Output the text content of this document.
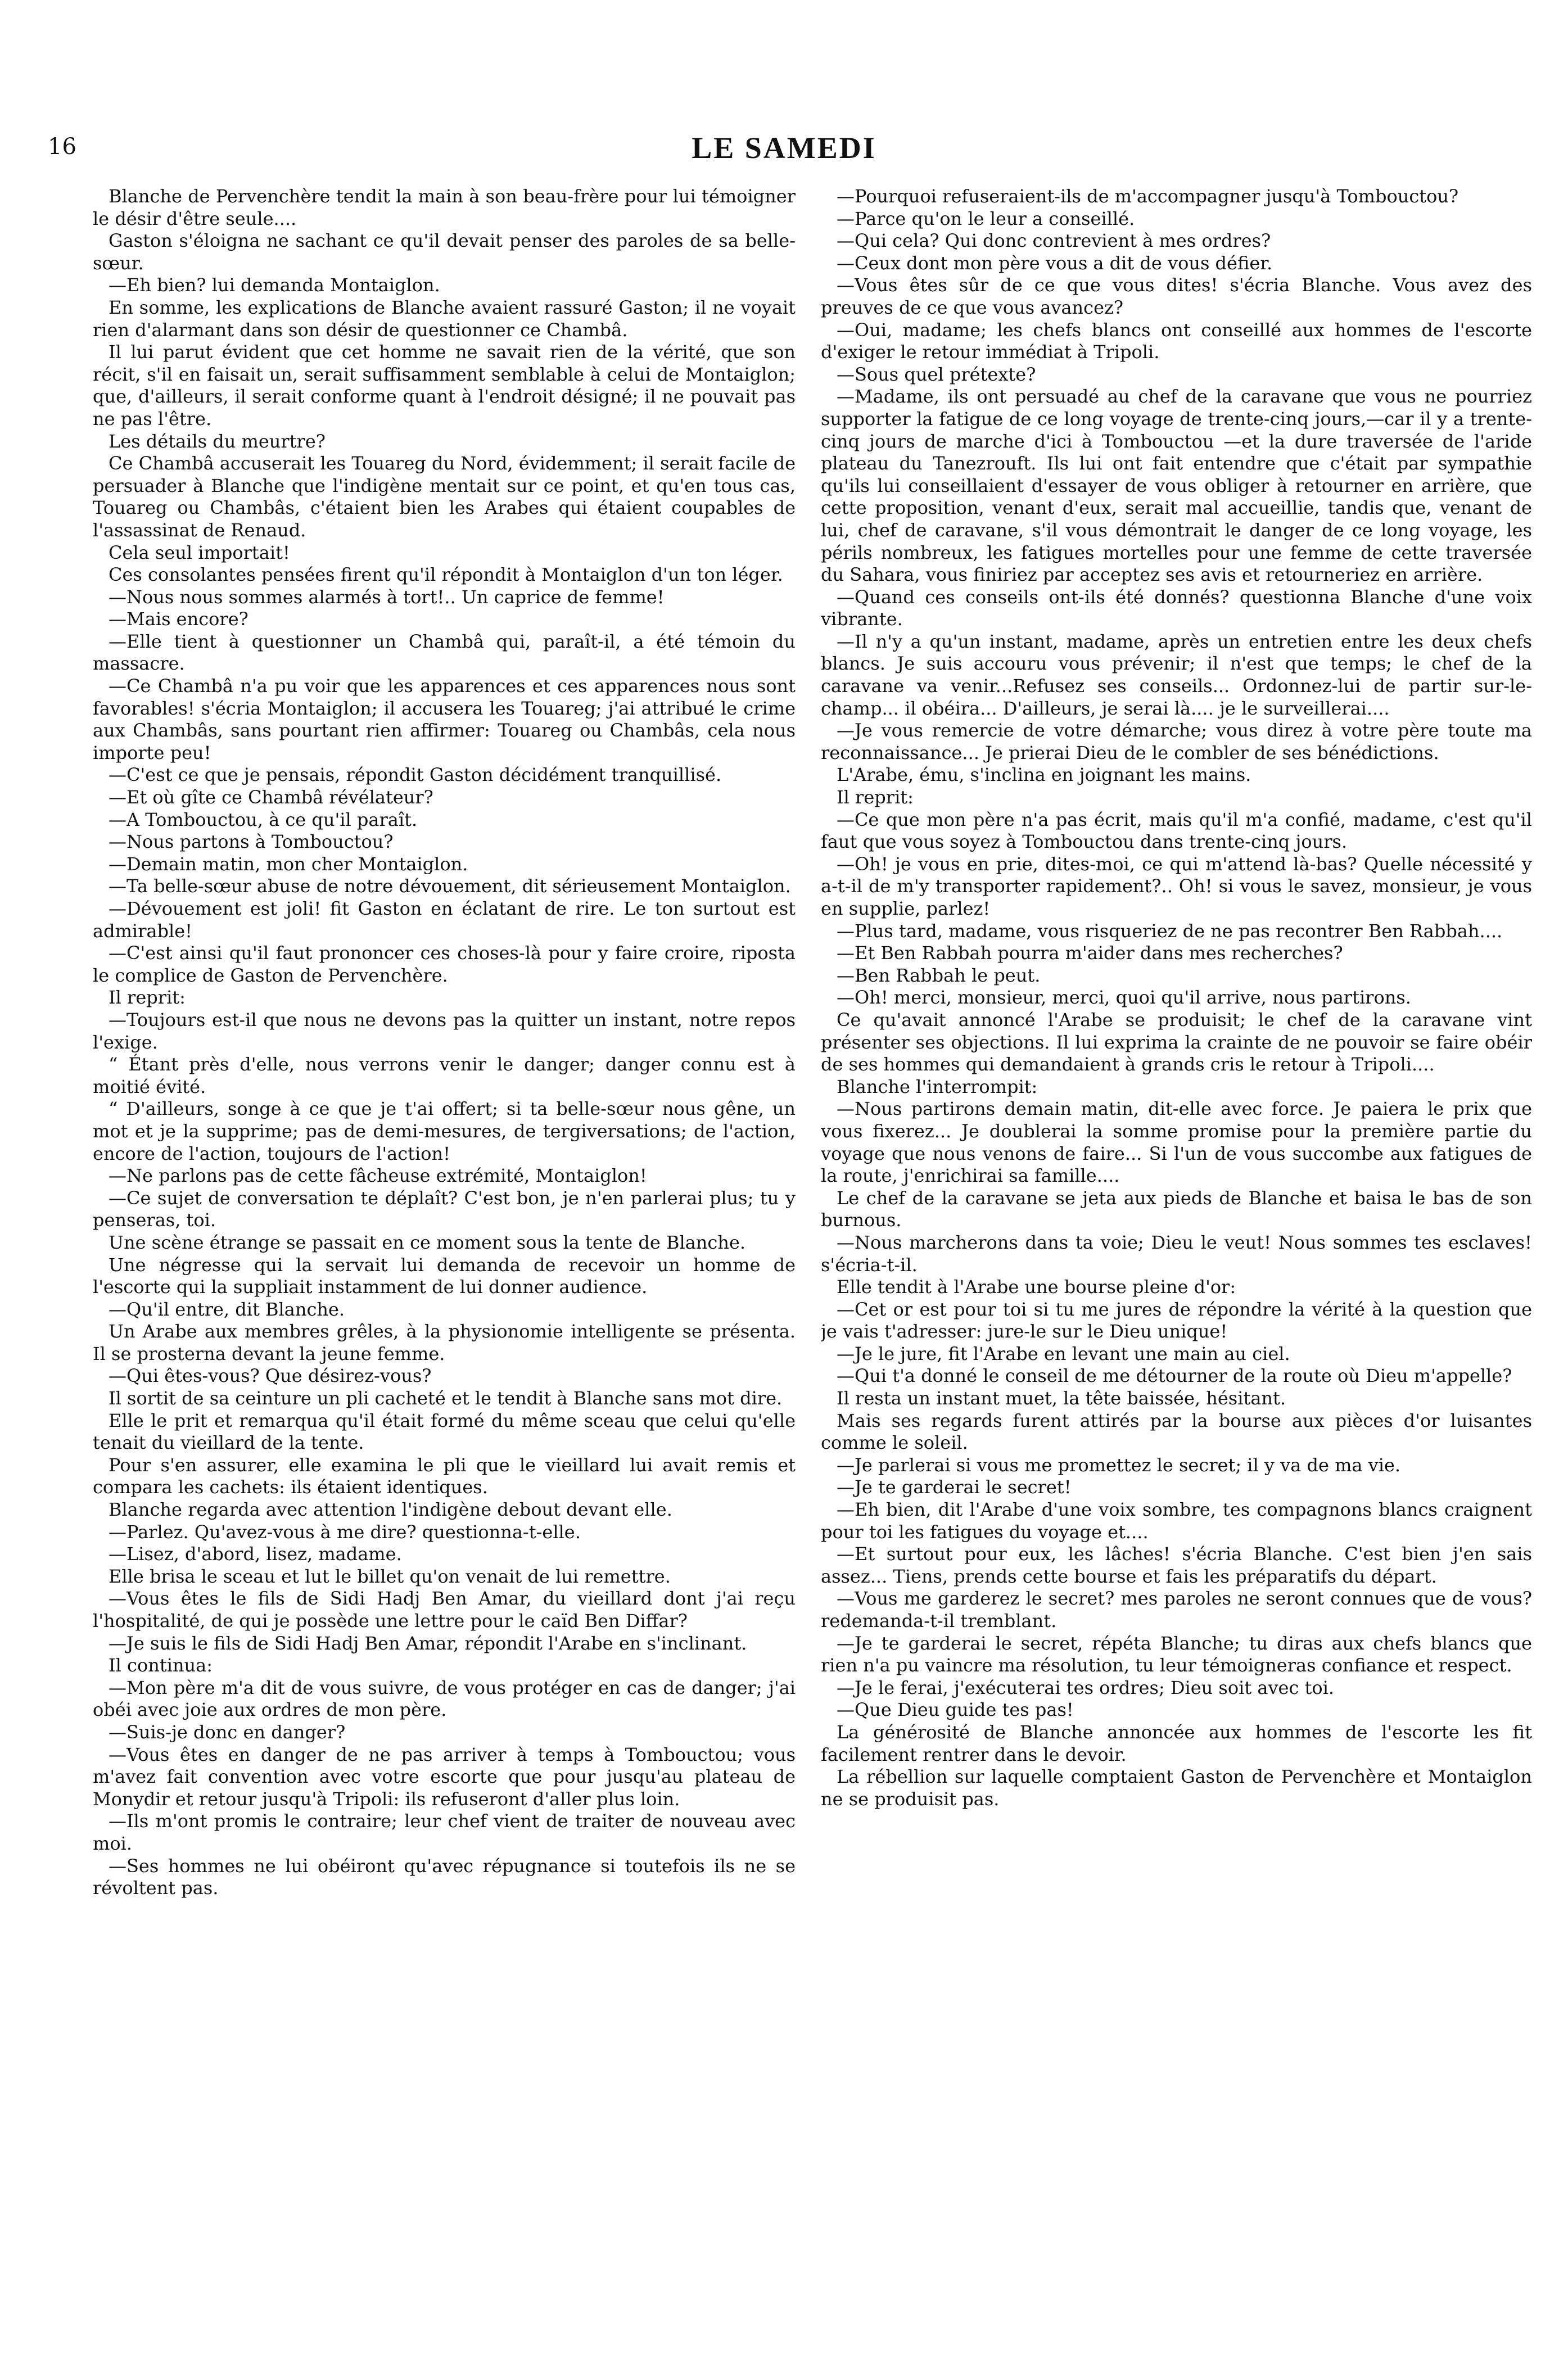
16	LE SAMEDI

Blanche de Pervenchère tendit la main à son beau-frère pour lui témoigner le désir d'être seule....

Gaston s'éloigna ne sachant ce qu'il devait penser des paroles de sa belle-sœur.

—Eh bien? lui demanda Montaiglon.

En somme, les explications de Blanche avaient rassuré Gaston; il ne voyait rien d'alarmant dans son désir de questionner ce Chambâ.

Il lui parut évident que cet homme ne savait rien de la vérité, que son récit, s'il en faisait un, serait suffisamment semblable à celui de Montaiglon; que, d'ailleurs, il serait conforme quant à l'endroit désigné; il ne pouvait pas ne pas l'être.

Les détails du meurtre?

Ce Chambâ accuserait les Touareg du Nord, évidemment; il serait facile de persuader à Blanche que l'indigène mentait sur ce point, et qu'en tous cas, Touareg ou Chambâs, c'étaient bien les Arabes qui étaient coupables de l'assassinat de Renaud.

Cela seul importait!

Ces consolantes pensées firent qu'il répondit à Montaiglon d'un ton léger.

—Nous nous sommes alarmés à tort!.. Un caprice de femme!

—Mais encore?

—Elle tient à questionner un Chambâ qui, paraît-il, a été témoin du massacre.

—Ce Chambâ n'a pu voir que les apparences et ces apparences nous sont favorables! s'écria Montaiglon; il accusera les Touareg; j'ai attribué le crime aux Chambâs, sans pourtant rien affirmer: Touareg ou Chambâs, cela nous importe peu!

—C'est ce que je pensais, répondit Gaston décidément tranquillisé.

—Et où gîte ce Chambâ révélateur?

—A Tombouctou, à ce qu'il paraît.

—Nous partons à Tombouctou?

—Demain matin, mon cher Montaiglon.

—Ta belle-sœur abuse de notre dévouement, dit sérieusement Montaiglon.

—Dévouement est joli! fit Gaston en éclatant de rire. Le ton surtout est admirable!

—C'est ainsi qu'il faut prononcer ces choses-là pour y faire croire, riposta le complice de Gaston de Pervenchère.

Il reprit:

—Toujours est-il que nous ne devons pas la quitter un instant, notre repos l'exige.

“ Étant près d'elle, nous verrons venir le danger; danger connu est à moitié évité.

“ D'ailleurs, songe à ce que je t'ai offert; si ta belle-sœur nous gêne, un mot et je la supprime; pas de demi-mesures, de tergiversations; de l'action, encore de l'action, toujours de l'action!

—Ne parlons pas de cette fâcheuse extrémité, Montaiglon!

—Ce sujet de conversation te déplaît? C'est bon, je n'en parlerai plus; tu y penseras, toi.

Une scène étrange se passait en ce moment sous la tente de Blanche.

Une négresse qui la servait lui demanda de recevoir un homme de l'escorte qui la suppliait instamment de lui donner audience.

—Qu'il entre, dit Blanche.

Un Arabe aux membres grêles, à la physionomie intelligente se présenta. Il se prosterna devant la jeune femme.

—Qui êtes-vous? Que désirez-vous?

Il sortit de sa ceinture un pli cacheté et le tendit à Blanche sans mot dire.

Elle le prit et remarqua qu'il était formé du même sceau que celui qu'elle tenait du vieillard de la tente.

Pour s'en assurer, elle examina le pli que le vieillard lui avait remis et compara les cachets: ils étaient identiques.

Blanche regarda avec attention l'indigène debout devant elle.

—Parlez. Qu'avez-vous à me dire? questionna-t-elle.

—Lisez, d'abord, lisez, madame.

Elle brisa le sceau et lut le billet qu'on venait de lui remettre.

—Vous êtes le fils de Sidi Hadj Ben Amar, du vieillard dont j'ai reçu l'hospitalité, de qui je possède une lettre pour le caïd Ben Diffar?

—Je suis le fils de Sidi Hadj Ben Amar, répondit l'Arabe en s'inclinant.

Il continua:

—Mon père m'a dit de vous suivre, de vous protéger en cas de danger; j'ai obéi avec joie aux ordres de mon père.

—Suis-je donc en danger?

—Vous êtes en danger de ne pas arriver à temps à Tombouctou; vous m'avez fait convention avec votre escorte que pour jusqu'au plateau de Monydir et retour jusqu'à Tripoli: ils refuseront d'aller plus loin.

—Ils m'ont promis le contraire; leur chef vient de traiter de nouveau avec moi.

—Ses hommes ne lui obéiront qu'avec répugnance si toutefois ils ne se révoltent pas.

—Pourquoi refuseraient-ils de m'accompagner jusqu'à Tombouctou?

—Parce qu'on le leur a conseillé.

—Qui cela? Qui donc contrevient à mes ordres?

—Ceux dont mon père vous a dit de vous défier.

—Vous êtes sûr de ce que vous dites! s'écria Blanche. Vous avez des preuves de ce que vous avancez?

—Oui, madame; les chefs blancs ont conseillé aux hommes de l'escorte d'exiger le retour immédiat à Tripoli.

—Sous quel prétexte?

—Madame, ils ont persuadé au chef de la caravane que vous ne pourriez supporter la fatigue de ce long voyage de trente-cinq jours,—car il y a trente-cinq jours de marche d'ici à Tombouctou —et la dure traversée de l'aride plateau du Tanezrouft. Ils lui ont fait entendre que c'était par sympathie qu'ils lui conseillaient d'essayer de vous obliger à retourner en arrière, que cette proposition, venant d'eux, serait mal accueillie, tandis que, venant de lui, chef de caravane, s'il vous démontrait le danger de ce long voyage, les périls nombreux, les fatigues mortelles pour une femme de cette traversée du Sahara, vous finiriez par acceptez ses avis et retourneriez en arrière.

—Quand ces conseils ont-ils été donnés? questionna Blanche d'une voix vibrante.

—Il n'y a qu'un instant, madame, après un entretien entre les deux chefs blancs. Je suis accouru vous prévenir; il n'est que temps; le chef de la caravane va venir...Refusez ses conseils... Ordonnez-lui de partir sur-le-champ... il obéira... D'ailleurs, je serai là.... je le surveillerai....

—Je vous remercie de votre démarche; vous direz à votre père toute ma reconnaissance... Je prierai Dieu de le combler de ses bénédictions.

L'Arabe, ému, s'inclina en joignant les mains.

Il reprit:

—Ce que mon père n'a pas écrit, mais qu'il m'a confié, madame, c'est qu'il faut que vous soyez à Tombouctou dans trente-cinq jours.

—Oh! je vous en prie, dites-moi, ce qui m'attend là-bas? Quelle nécessité y a-t-il de m'y transporter rapidement?.. Oh! si vous le savez, monsieur, je vous en supplie, parlez!

—Plus tard, madame, vous risqueriez de ne pas recontrer Ben Rabbah....

—Et Ben Rabbah pourra m'aider dans mes recherches?

—Ben Rabbah le peut.

—Oh! merci, monsieur, merci, quoi qu'il arrive, nous partirons.

Ce qu'avait annoncé l'Arabe se produisit; le chef de la caravane vint présenter ses objections. Il lui exprima la crainte de ne pouvoir se faire obéir de ses hommes qui demandaient à grands cris le retour à Tripoli....

Blanche l'interrompit:

—Nous partirons demain matin, dit-elle avec force. Je paiera le prix que vous fixerez... Je doublerai la somme promise pour la première partie du voyage que nous venons de faire... Si l'un de vous succombe aux fatigues de la route, j'enrichirai sa famille....

Le chef de la caravane se jeta aux pieds de Blanche et baisa le bas de son burnous.

—Nous marcherons dans ta voie; Dieu le veut! Nous sommes tes esclaves! s'écria-t-il.

Elle tendit à l'Arabe une bourse pleine d'or:

—Cet or est pour toi si tu me jures de répondre la vérité à la question que je vais t'adresser: jure-le sur le Dieu unique!

—Je le jure, fit l'Arabe en levant une main au ciel.

—Qui t'a donné le conseil de me détourner de la route où Dieu m'appelle?

Il resta un instant muet, la tête baissée, hésitant.

Mais ses regards furent attirés par la bourse aux pièces d'or luisantes comme le soleil.

—Je parlerai si vous me promettez le secret; il y va de ma vie.

—Je te garderai le secret!

—Eh bien, dit l'Arabe d'une voix sombre, tes compagnons blancs craignent pour toi les fatigues du voyage et....

—Et surtout pour eux, les lâches! s'écria Blanche. C'est bien j'en sais assez... Tiens, prends cette bourse et fais les préparatifs du départ.

—Vous me garderez le secret? mes paroles ne seront connues que de vous? redemanda-t-il tremblant.

—Je te garderai le secret, répéta Blanche; tu diras aux chefs blancs que rien n'a pu vaincre ma résolution, tu leur témoigneras confiance et respect.

—Je le ferai, j'exécuterai tes ordres; Dieu soit avec toi.

—Que Dieu guide tes pas!

La générosité de Blanche annoncée aux hommes de l'escorte les fit facilement rentrer dans le devoir.

La rébellion sur laquelle comptaient Gaston de Pervenchère et Montaiglon ne se produisit pas.
